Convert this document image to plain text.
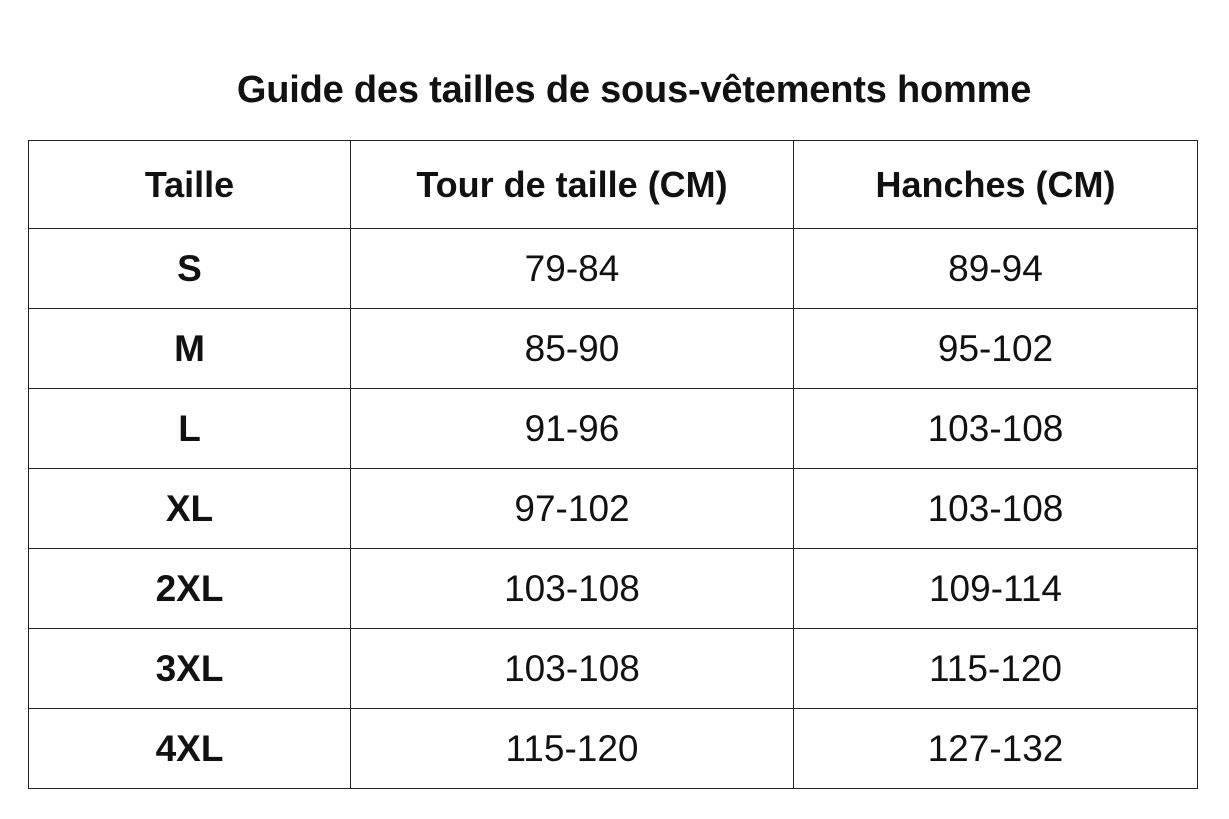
Guide des tailles de sous-vêtements homme
Taille	Tour de taille (CM)	Hanches (CM)
S	79-84	89-94
M	85-90	95-102
L	91-96	103-108
XL	97-102	103-108
2XL	103-108	109-114
3XL	103-108	115-120
4XL	115-120	127-132
